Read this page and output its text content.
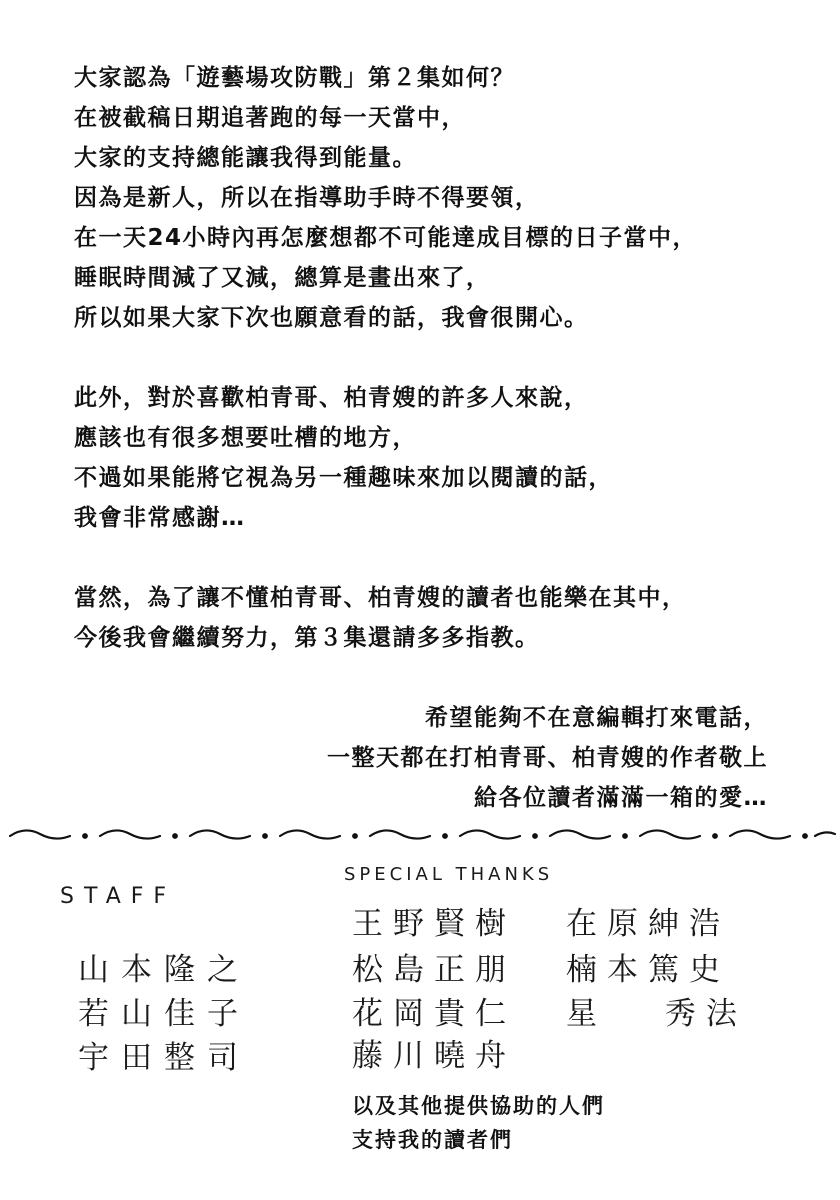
大家認為「遊藝場攻防戰」第２集如何？
在被截稿日期追著跑的每一天當中，
大家的支持總能讓我得到能量。
因為是新人，所以在指導助手時不得要領，
在一天24小時內再怎麼想都不可能達成目標的日子當中，
睡眠時間減了又減，總算是畫出來了，
所以如果大家下次也願意看的話，我會很開心。
此外，對於喜歡柏青哥、柏青嫂的許多人來說，
應該也有很多想要吐槽的地方，
不過如果能將它視為另一種趣味來加以閱讀的話，
我會非常感謝…
當然，為了讓不懂柏青哥、柏青嫂的讀者也能樂在其中，
今後我會繼續努力，第３集還請多多指教。
希望能夠不在意編輯打來電話，
一整天都在打柏青哥、柏青嫂的作者敬上
給各位讀者滿滿一箱的愛…
STAFF
山本隆之
若山佳子
宇田整司
SPECIAL THANKS
王野賢樹
松島正朋
花岡貴仁
藤川曉舟
在原紳浩
楠本篤史
星 秀法
以及其他提供協助的人們
支持我的讀者們
